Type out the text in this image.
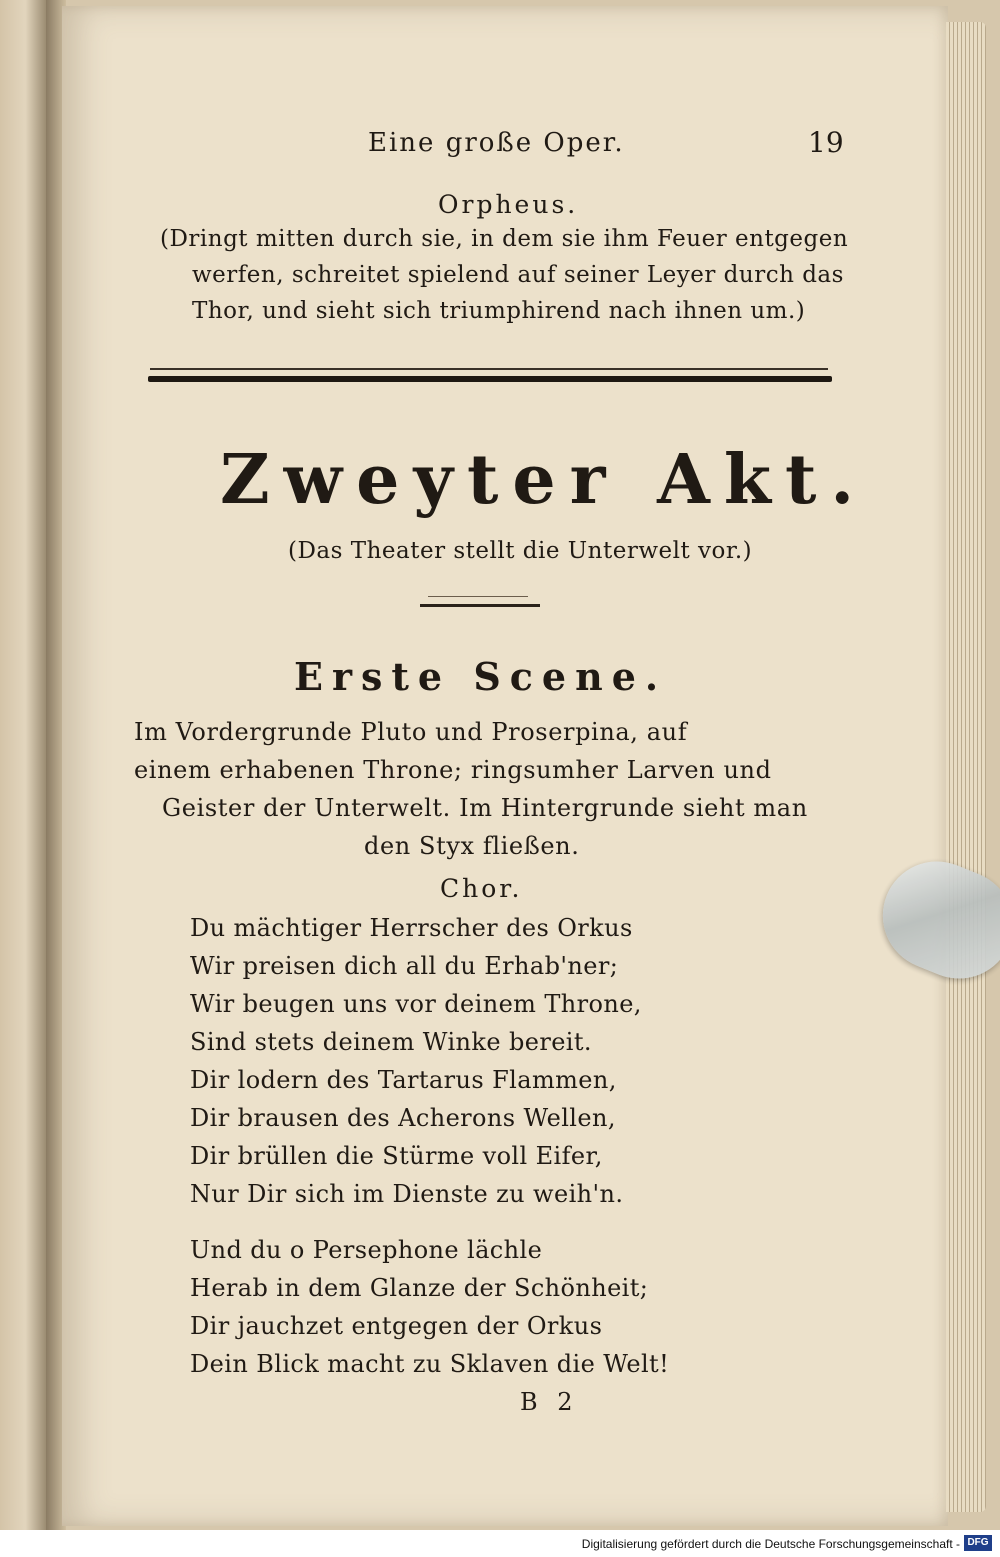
Eine große Oper.	19
Orpheus.
(Dringt mitten durch sie, in dem sie ihm Feuer entgegen
werfen, schreitet spielend auf seiner Leyer durch das
Thor, und sieht sich triumphirend nach ihnen um.)
Zweyter Akt.
(Das Theater stellt die Unterwelt vor.)
Erste Scene.
Im Vordergrunde Pluto und Proserpina, auf
einem erhabenen Throne; ringsumher Larven und
Geister der Unterwelt. Im Hintergrunde sieht man
den Styx fließen.
Chor.
Du mächtiger Herrscher des Orkus
Wir preisen dich all du Erhab'ner;
Wir beugen uns vor deinem Throne,
Sind stets deinem Winke bereit.
Dir lodern des Tartarus Flammen,
Dir brausen des Acherons Wellen,
Dir brüllen die Stürme voll Eifer,
Nur Dir sich im Dienste zu weih'n.
Und du o Persephone lächle
Herab in dem Glanze der Schönheit;
Dir jauchzet entgegen der Orkus
Dein Blick macht zu Sklaven die Welt!
B 2
Digitalisierung gefördert durch die Deutsche Forschungsgemeinschaft - DFG
